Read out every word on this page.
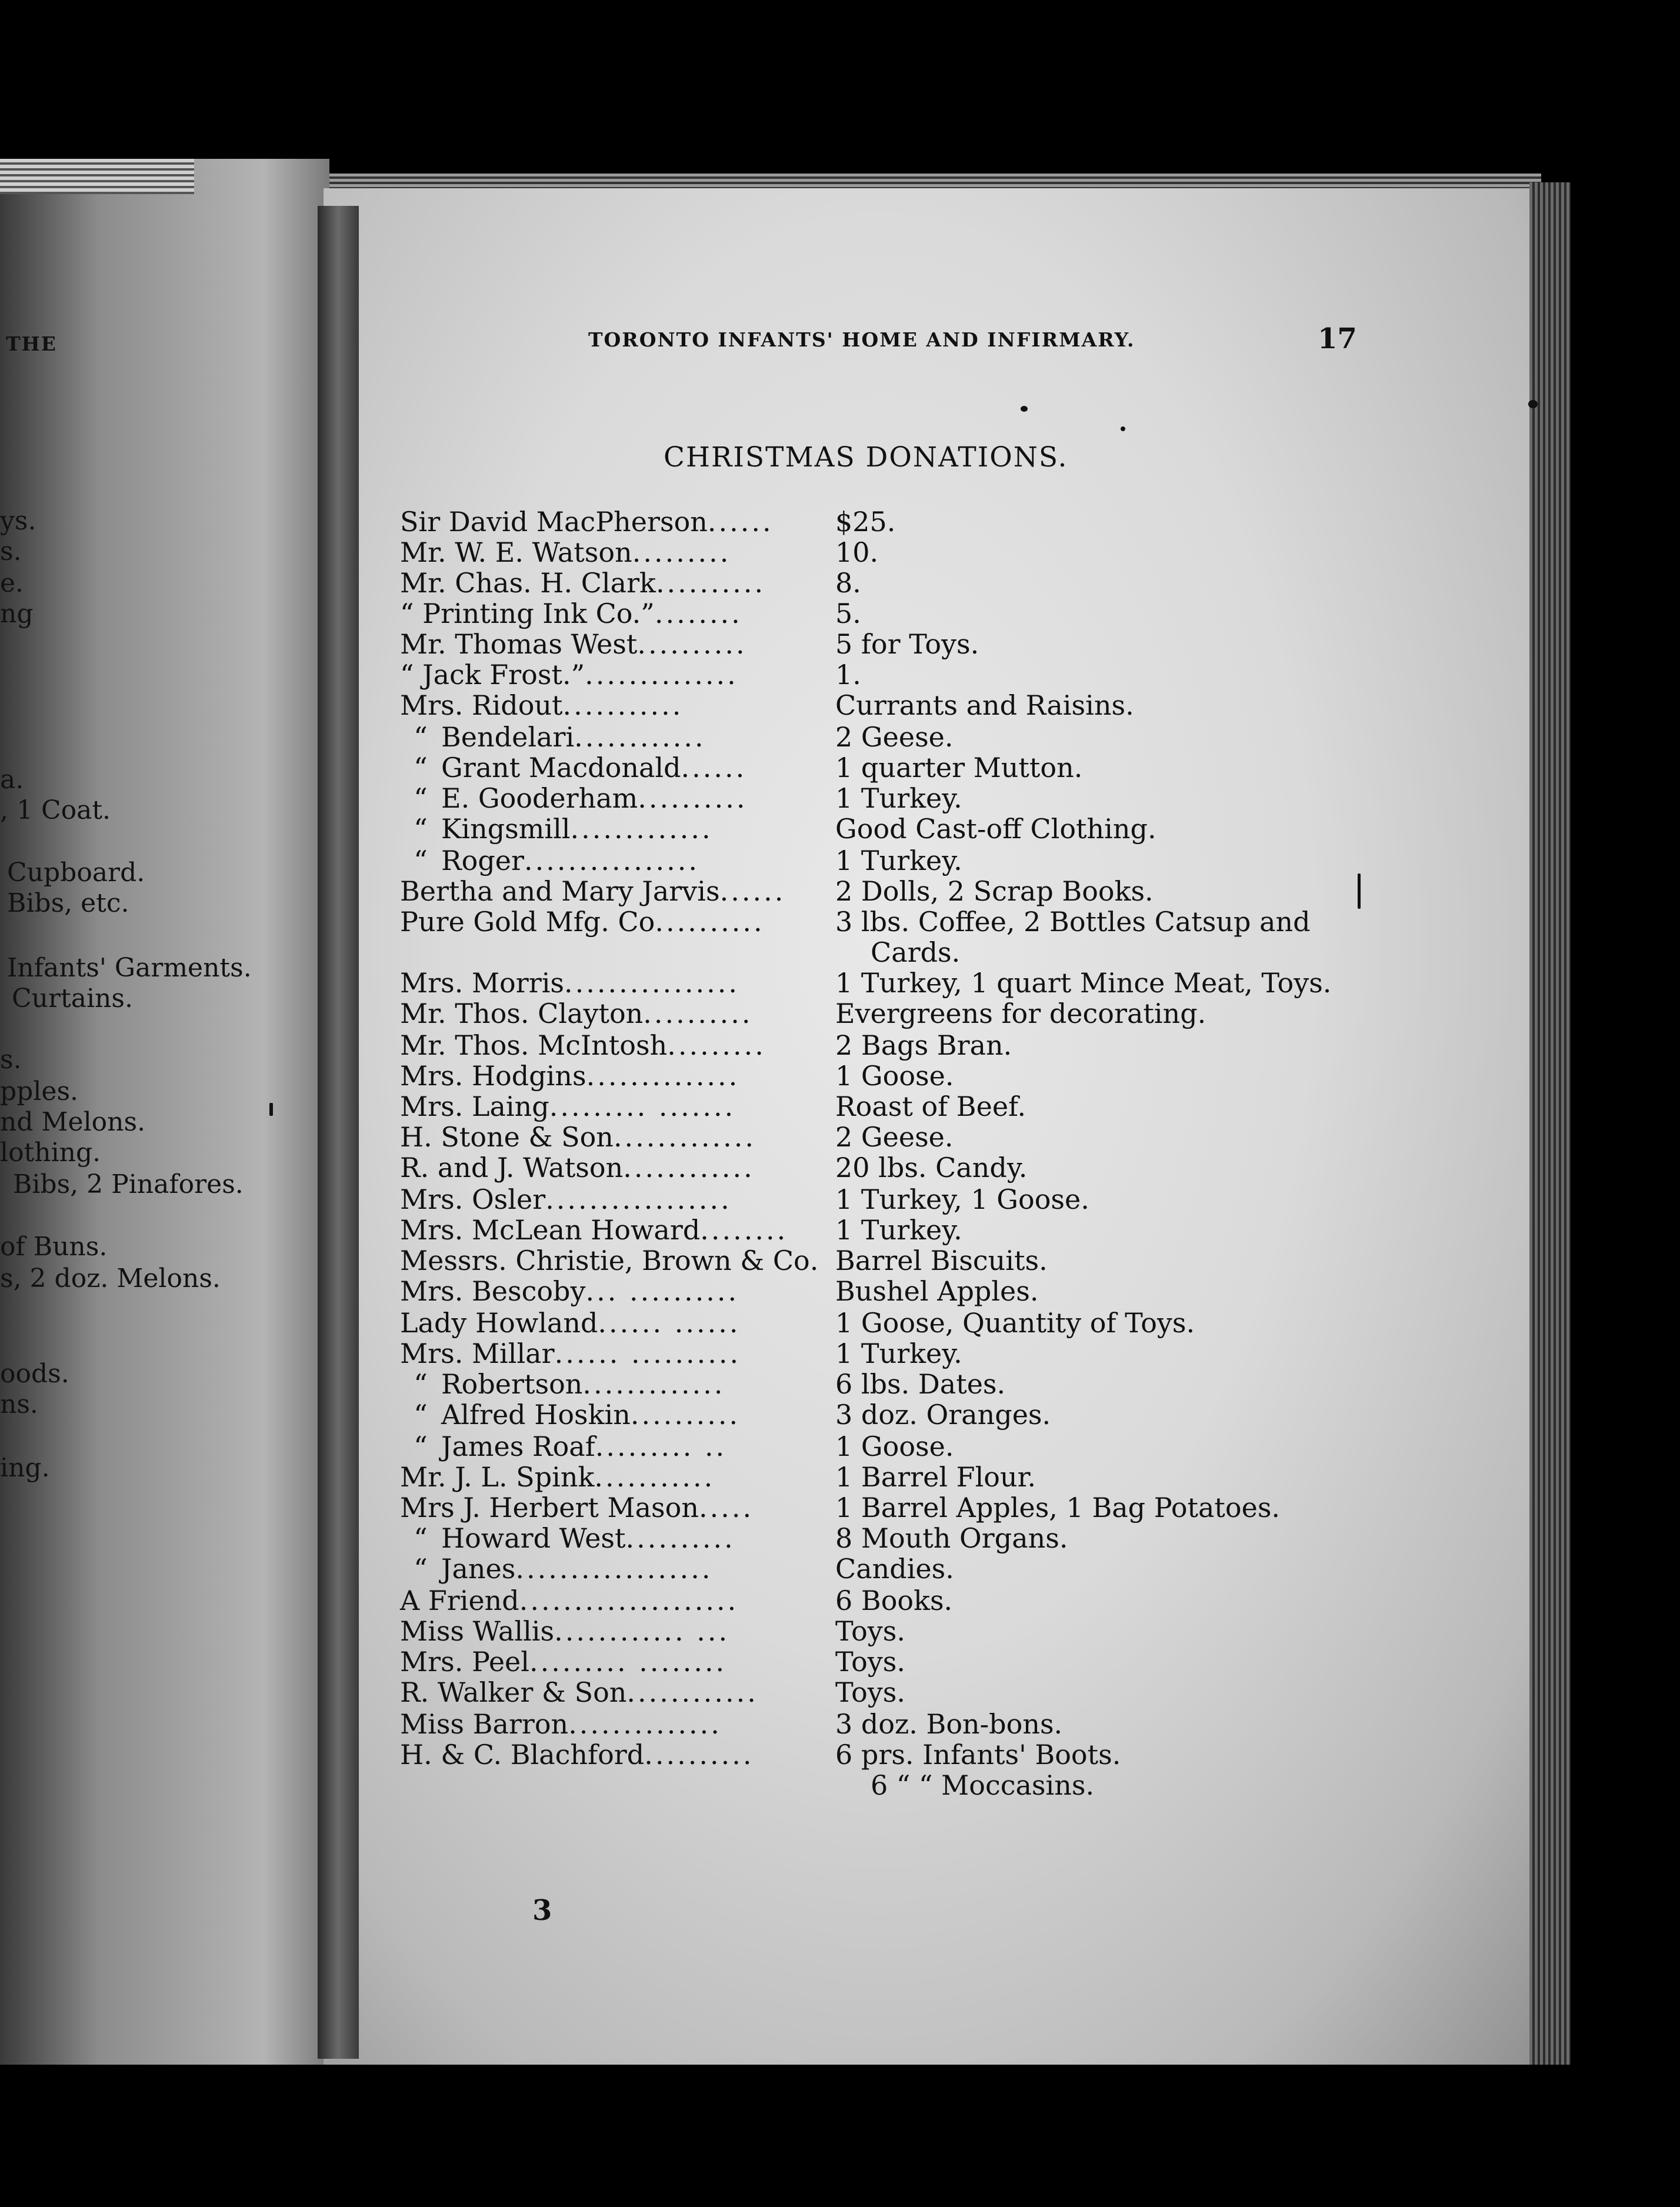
THE
ys.
s.
e.
ng
a.
, 1 Coat.
Cupboard.
Bibs, etc.
Infants' Garments.
Curtains.
s.
pples.
nd Melons.
lothing.
Bibs, 2 Pinafores.
of Buns.
s, 2 doz. Melons.
oods.
ns.
ing.
3
TORONTO INFANTS' HOME AND INFIRMARY.	17
CHRISTMAS DONATIONS.
Sir David MacPherson...... $25.
Mr. W. E. Watson.........	10.
Mr. Chas. H. Clark..........	8.
“ Printing Ink Co.”........	5.
Mr. Thomas West..........	5 for Toys.
“ Jack Frost.”..............	1.
Mrs. Ridout...........	Currants and Raisins.
“ Bendelari............	2 Geese.
“ Grant Macdonald......	1 quarter Mutton.
“ E. Gooderham..........	1 Turkey.
“ Kingsmill.............	Good Cast-off Clothing.
“ Roger................	1 Turkey.
Bertha and Mary Jarvis...... 2 Dolls, 2 Scrap Books.
Pure Gold Mfg. Co..........	3 lbs. Coffee, 2 Bottles Catsup and
Cards.
Mrs. Morris................	1 Turkey, 1 quart Mince Meat, Toys.
Mr. Thos. Clayton..........	Evergreens for decorating.
Mr. Thos. McIntosh.........	2 Bags Bran.
Mrs. Hodgins..............	1 Goose.
Mrs. Laing......... .......	Roast of Beef.
H. Stone & Son.............	2 Geese.
R. and J. Watson............	20 lbs. Candy.
Mrs. Osler.................	1 Turkey, 1 Goose.
Mrs. McLean Howard........ 1 Turkey.
Messrs. Christie, Brown & Co. Barrel Biscuits.
Mrs. Bescoby... ..........	Bushel Apples.
Lady Howland...... ......	1 Goose, Quantity of Toys.
Mrs. Millar...... ..........	1 Turkey.
“ Robertson.............	6 lbs. Dates.
“ Alfred Hoskin..........	3 doz. Oranges.
“ James Roaf......... ..	1 Goose.
Mr. J. L. Spink...........	1 Barrel Flour.
Mrs J. Herbert Mason.....	1 Barrel Apples, 1 Bag Potatoes.
“ Howard West..........	8 Mouth Organs.
“ Janes..................	Candies.
A Friend....................	6 Books.
Miss Wallis............ ...	Toys.
Mrs. Peel......... ........	Toys.
R. Walker & Son............	Toys.
Miss Barron..............	3 doz. Bon-bons.
H. & C. Blachford..........	6 prs. Infants' Boots.
6 “ “ Moccasins.
